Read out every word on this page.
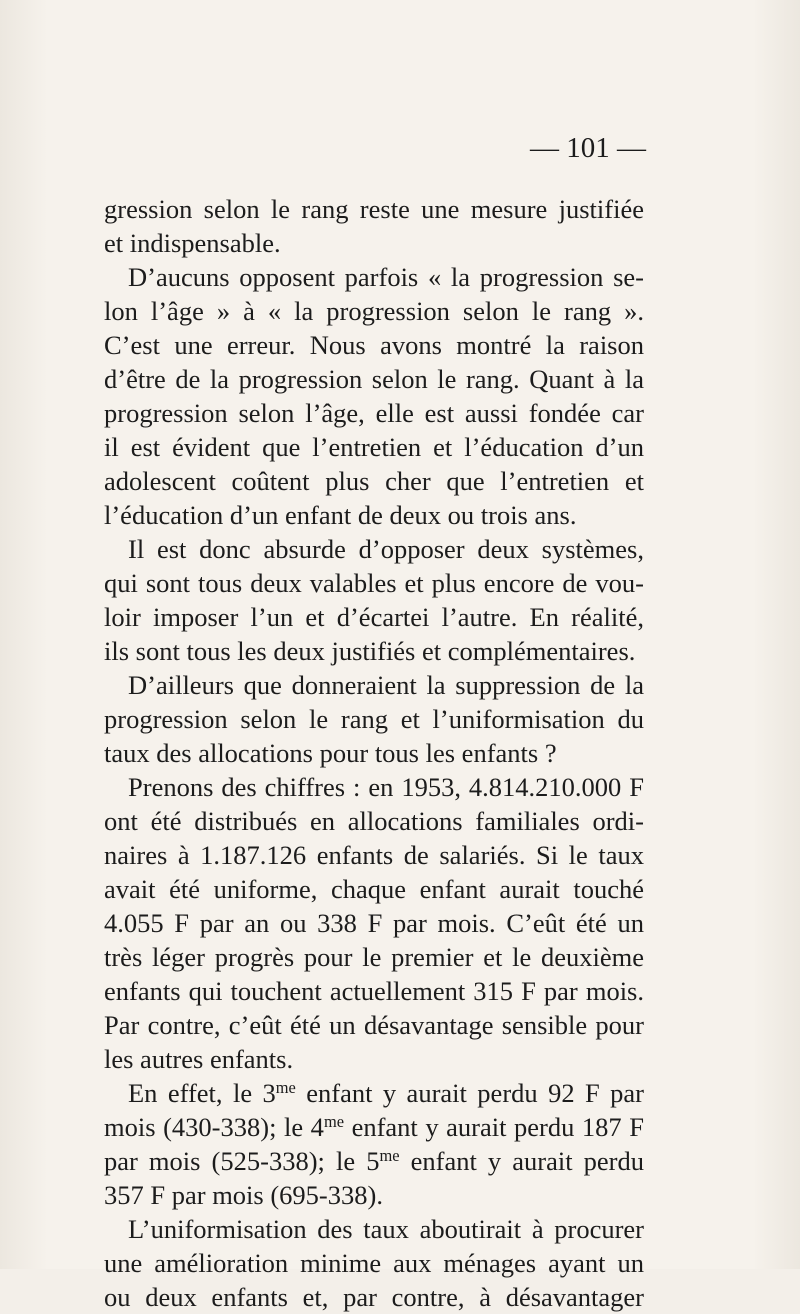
— 101 —
gression selon le rang reste une mesure justifiée
et indispensable.
D’aucuns opposent parfois « la progression se-
lon l’âge » à « la progression selon le rang ».
C’est une erreur. Nous avons montré la raison
d’être de la progression selon le rang. Quant à la
progression selon l’âge, elle est aussi fondée car
il est évident que l’entretien et l’éducation d’un
adolescent coûtent plus cher que l’entretien et
l’éducation d’un enfant de deux ou trois ans.
Il est donc absurde d’opposer deux systèmes,
qui sont tous deux valables et plus encore de vou-
loir imposer l’un et d’écartei l’autre. En réalité,
ils sont tous les deux justifiés et complémentaires.
D’ailleurs que donneraient la suppression de la
progression selon le rang et l’uniformisation du
taux des allocations pour tous les enfants ?
Prenons des chiffres : en 1953, 4.814.210.000 F
ont été distribués en allocations familiales ordi-
naires à 1.187.126 enfants de salariés. Si le taux
avait été uniforme, chaque enfant aurait touché
4.055 F par an ou 338 F par mois. C’eût été un
très léger progrès pour le premier et le deuxième
enfants qui touchent actuellement 315 F par mois.
Par contre, c’eût été un désavantage sensible pour
les autres enfants.
En effet, le $3^{me}$ enfant y aurait perdu 92 F par
mois (430-338); le $4^{me}$ enfant y aurait perdu 187 F
par mois (525-338); le $5^{me}$ enfant y aurait perdu
357 F par mois (695-338).
L’uniformisation des taux aboutirait à procurer
une amélioration minime aux ménages ayant un
ou deux enfants et, par contre, à désavantager
